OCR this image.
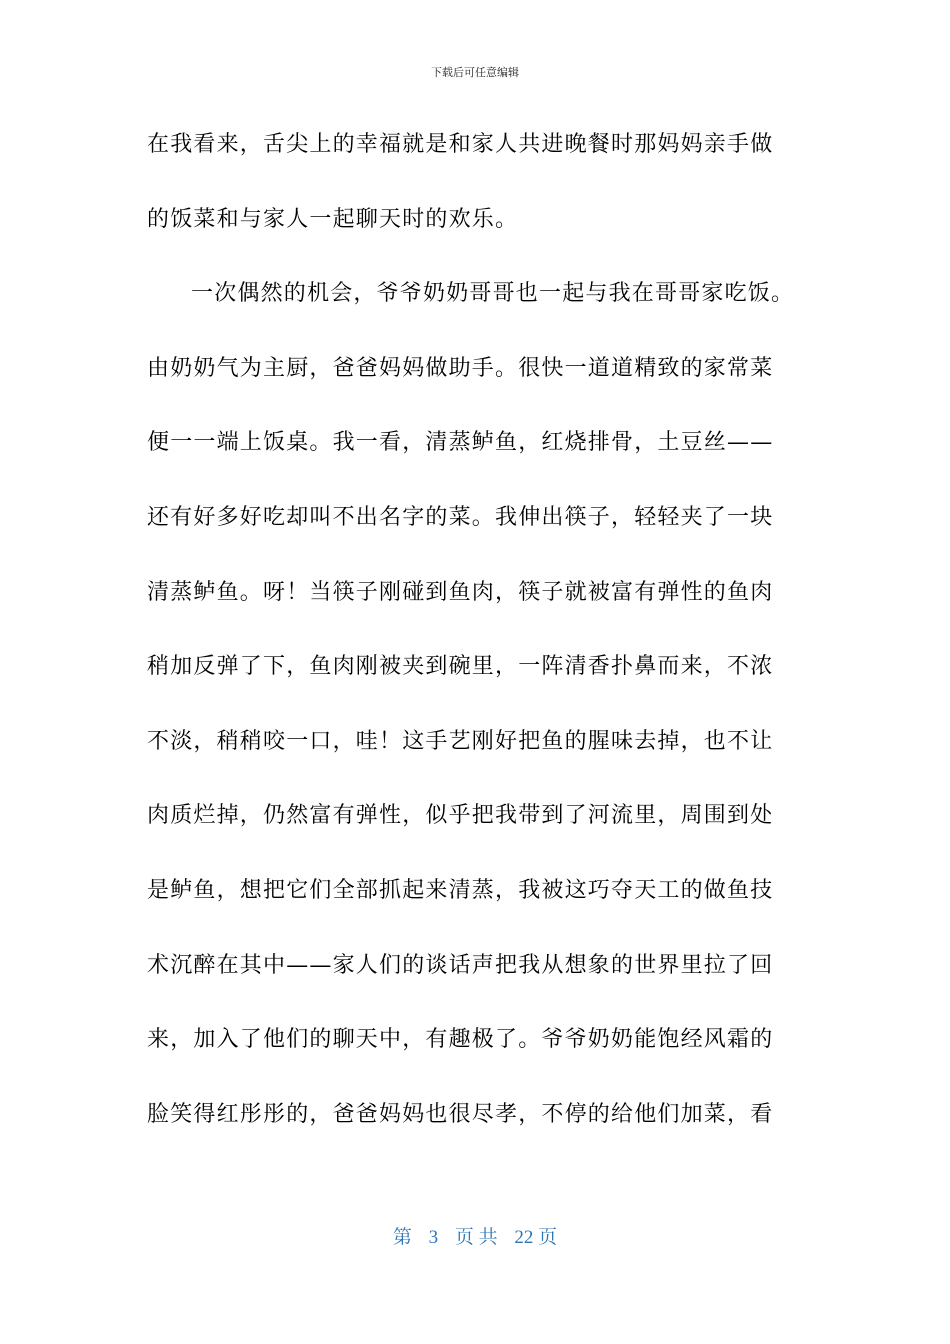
下载后可任意编辑
在我看来，舌尖上的幸福就是和家人共进晚餐时那妈妈亲手做
的饭菜和与家人一起聊天时的欢乐。
一次偶然的机会，爷爷奶奶哥哥也一起与我在哥哥家吃饭。
由奶奶气为主厨，爸爸妈妈做助手。很快一道道精致的家常菜
便一一端上饭桌。我一看，清蒸鲈鱼，红烧排骨，土豆丝——
还有好多好吃却叫不出名字的菜。我伸出筷子，轻轻夹了一块
清蒸鲈鱼。呀！当筷子刚碰到鱼肉，筷子就被富有弹性的鱼肉
稍加反弹了下，鱼肉刚被夹到碗里，一阵清香扑鼻而来，不浓
不淡，稍稍咬一口，哇！这手艺刚好把鱼的腥味去掉，也不让
肉质烂掉，仍然富有弹性，似乎把我带到了河流里，周围到处
是鲈鱼，想把它们全部抓起来清蒸，我被这巧夺天工的做鱼技
术沉醉在其中——家人们的谈话声把我从想象的世界里拉了回
来，加入了他们的聊天中，有趣极了。爷爷奶奶能饱经风霜的
脸笑得红彤彤的，爸爸妈妈也很尽孝，不停的给他们加菜，看
第 3 页 共 22 页
